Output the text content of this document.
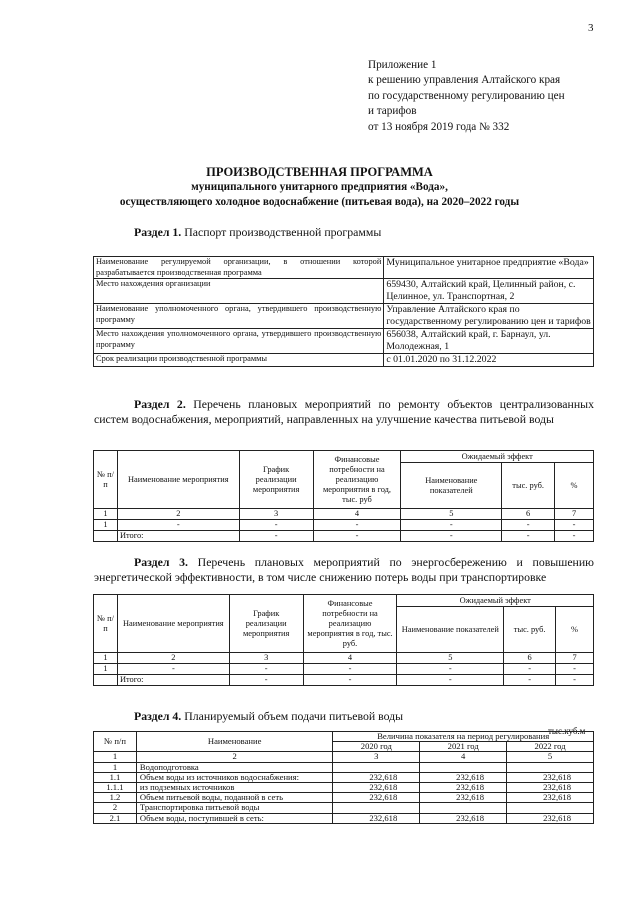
3
Приложение 1
к решению управления Алтайского края
по государственному регулированию цен
и тарифов
от 13 ноября 2019 года № 332
ПРОИЗВОДСТВЕННАЯ ПРОГРАММА
муниципального унитарного предприятия «Вода»,
осуществляющего холодное водоснабжение (питьевая вода), на 2020–2022 годы
Раздел 1. Паспорт производственной программы
Наименование регулируемой организации, в отношении которой разрабатывается производственная программа	Муниципальное унитарное предприятие «Вода»
Место нахождения организации	659430, Алтайский край, Целинный район, с. Целинное, ул. Транспортная, 2
Наименование уполномоченного органа, утвердившего производственную программу	Управление Алтайского края по государственному регулированию цен и тарифов
Место нахождения уполномоченного органа, утвердившего производственную программу	656038, Алтайский край, г. Барнаул, ул. Молодежная, 1
Срок реализации производственной программы	с 01.01.2020 по 31.12.2022
Раздел 2. Перечень плановых мероприятий по ремонту объектов централизованных систем водоснабжения, мероприятий, направленных на улучшение качества питьевой воды
№ п/п	Наименование мероприятия	График реализации мероприятия	Финансовые потребности на реализацию мероприятия в год, тыс. руб	Ожидаемый эффект		
				Наименование показателей	тыс. руб.	%
1	2	3	4	5	6	7
1	-	-	-	-	-	-
	Итого:	-	-	-	-	-
Раздел 3. Перечень плановых мероприятий по энергосбережению и повышению энергетической эффективности, в том числе снижению потерь воды при транспортировке
№ п/п	Наименование мероприятия	График реализации мероприятия	Финансовые потребности на реализацию мероприятия в год, тыс. руб.	Ожидаемый эффект		
				Наименование показателей	тыс. руб.	%
1	2	3	4	5	6	7
1	-	-	-	-	-	-
	Итого:	-	-	-	-	-
Раздел 4. Планируемый объем подачи питьевой воды
тыс.куб.м
№ п/п	Наименование	Величина показателя на период регулирования		
		2020 год	2021 год	2022 год
1	2	3	4	5
1	Водоподготовка			
1.1	Объем воды из источников водоснабжения:	232,618	232,618	232,618
1.1.1	из подземных источников	232,618	232,618	232,618
1.2	Объем питьевой воды, поданной в сеть	232,618	232,618	232,618
2	Транспортировка питьевой воды			
2.1	Объем воды, поступившей в сеть:	232,618	232,618	232,618
